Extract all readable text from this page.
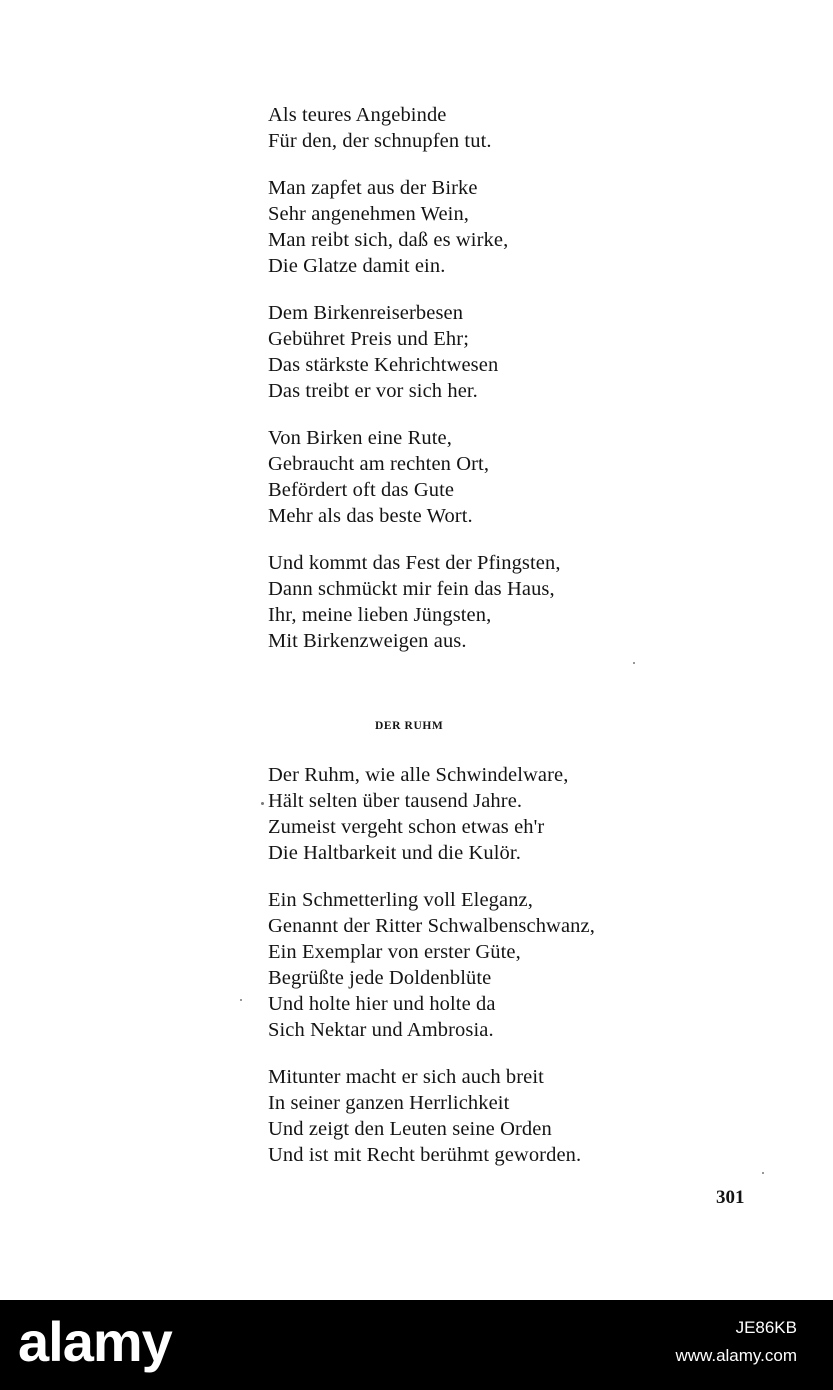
Als teures Angebinde
Für den, der schnupfen tut.
Man zapfet aus der Birke
Sehr angenehmen Wein,
Man reibt sich, daß es wirke,
Die Glatze damit ein.
Dem Birkenreiserbesen
Gebühret Preis und Ehr;
Das stärkste Kehrichtwesen
Das treibt er vor sich her.
Von Birken eine Rute,
Gebraucht am rechten Ort,
Befördert oft das Gute
Mehr als das beste Wort.
Und kommt das Fest der Pfingsten,
Dann schmückt mir fein das Haus,
Ihr, meine lieben Jüngsten,
Mit Birkenzweigen aus.
DER RUHM
Der Ruhm, wie alle Schwindelware,
Hält selten über tausend Jahre.
Zumeist vergeht schon etwas eh'r
Die Haltbarkeit und die Kulör.
Ein Schmetterling voll Eleganz,
Genannt der Ritter Schwalbenschwanz,
Ein Exemplar von erster Güte,
Begrüßte jede Doldenblüte
Und holte hier und holte da
Sich Nektar und Ambrosia.
Mitunter macht er sich auch breit
In seiner ganzen Herrlichkeit
Und zeigt den Leuten seine Orden
Und ist mit Recht berühmt geworden.
301
alamy	JE86KB
www.alamy.com
